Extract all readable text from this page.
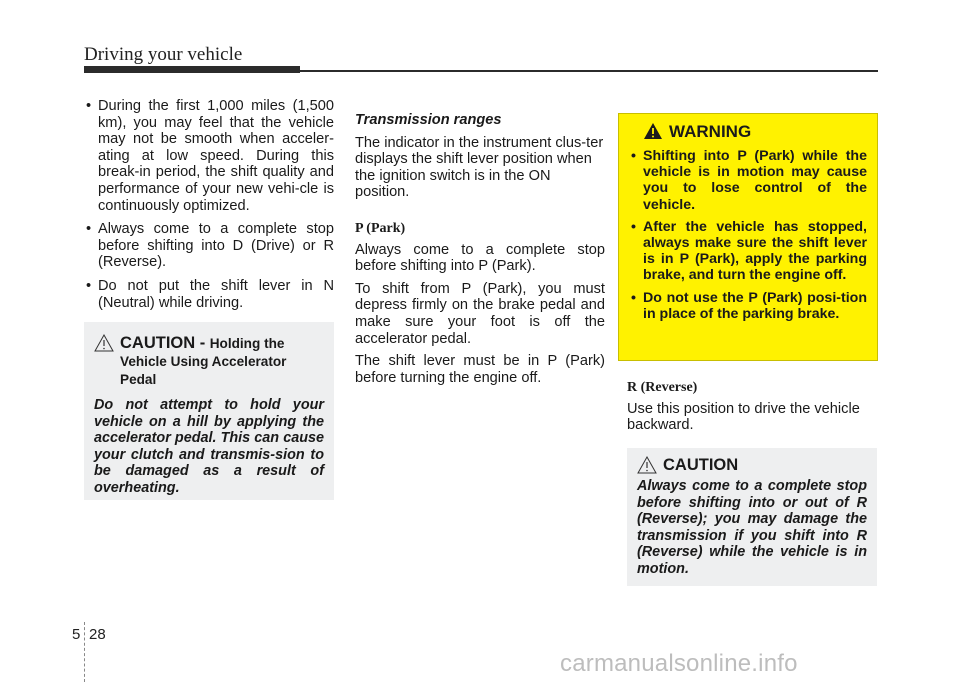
Driving your vehicle
• During the first 1,000 miles (1,500 km), you may feel that the vehicle may not be smooth when acceler-ating at low speed. During this break-in period, the shift quality and performance of your new vehi-cle is continuously optimized.
• Always come to a complete stop before shifting into D (Drive) or R (Reverse).
• Do not put the shift lever in N (Neutral) while driving.
CAUTION - Holding the Vehicle Using Accelerator Pedal
Do not attempt to hold your vehicle on a hill by applying the accelerator pedal. This can cause your clutch and transmis-sion to be damaged as a result of overheating.
Transmission ranges

The indicator in the instrument clus-ter displays the shift lever position when the ignition switch is in the ON position.

P (Park)

Always come to a complete stop before shifting into P (Park).

To shift from P (Park), you must depress firmly on the brake pedal and make sure your foot is off the accelerator pedal.

The shift lever must be in P (Park) before turning the engine off.

WARNING
• Shifting into P (Park) while the vehicle is in motion may cause you to lose control of the vehicle.
• After the vehicle has stopped, always make sure the shift lever is in P (Park), apply the parking brake, and turn the engine off.
• Do not use the P (Park) posi-tion in place of the parking brake.
R (Reverse)

Use this position to drive the vehicle backward.

CAUTION
Always come to a complete stop before shifting into or out of R (Reverse); you may damage the transmission if you shift into R (Reverse) while the vehicle is in motion.
5 28
carmanualsonline.info
